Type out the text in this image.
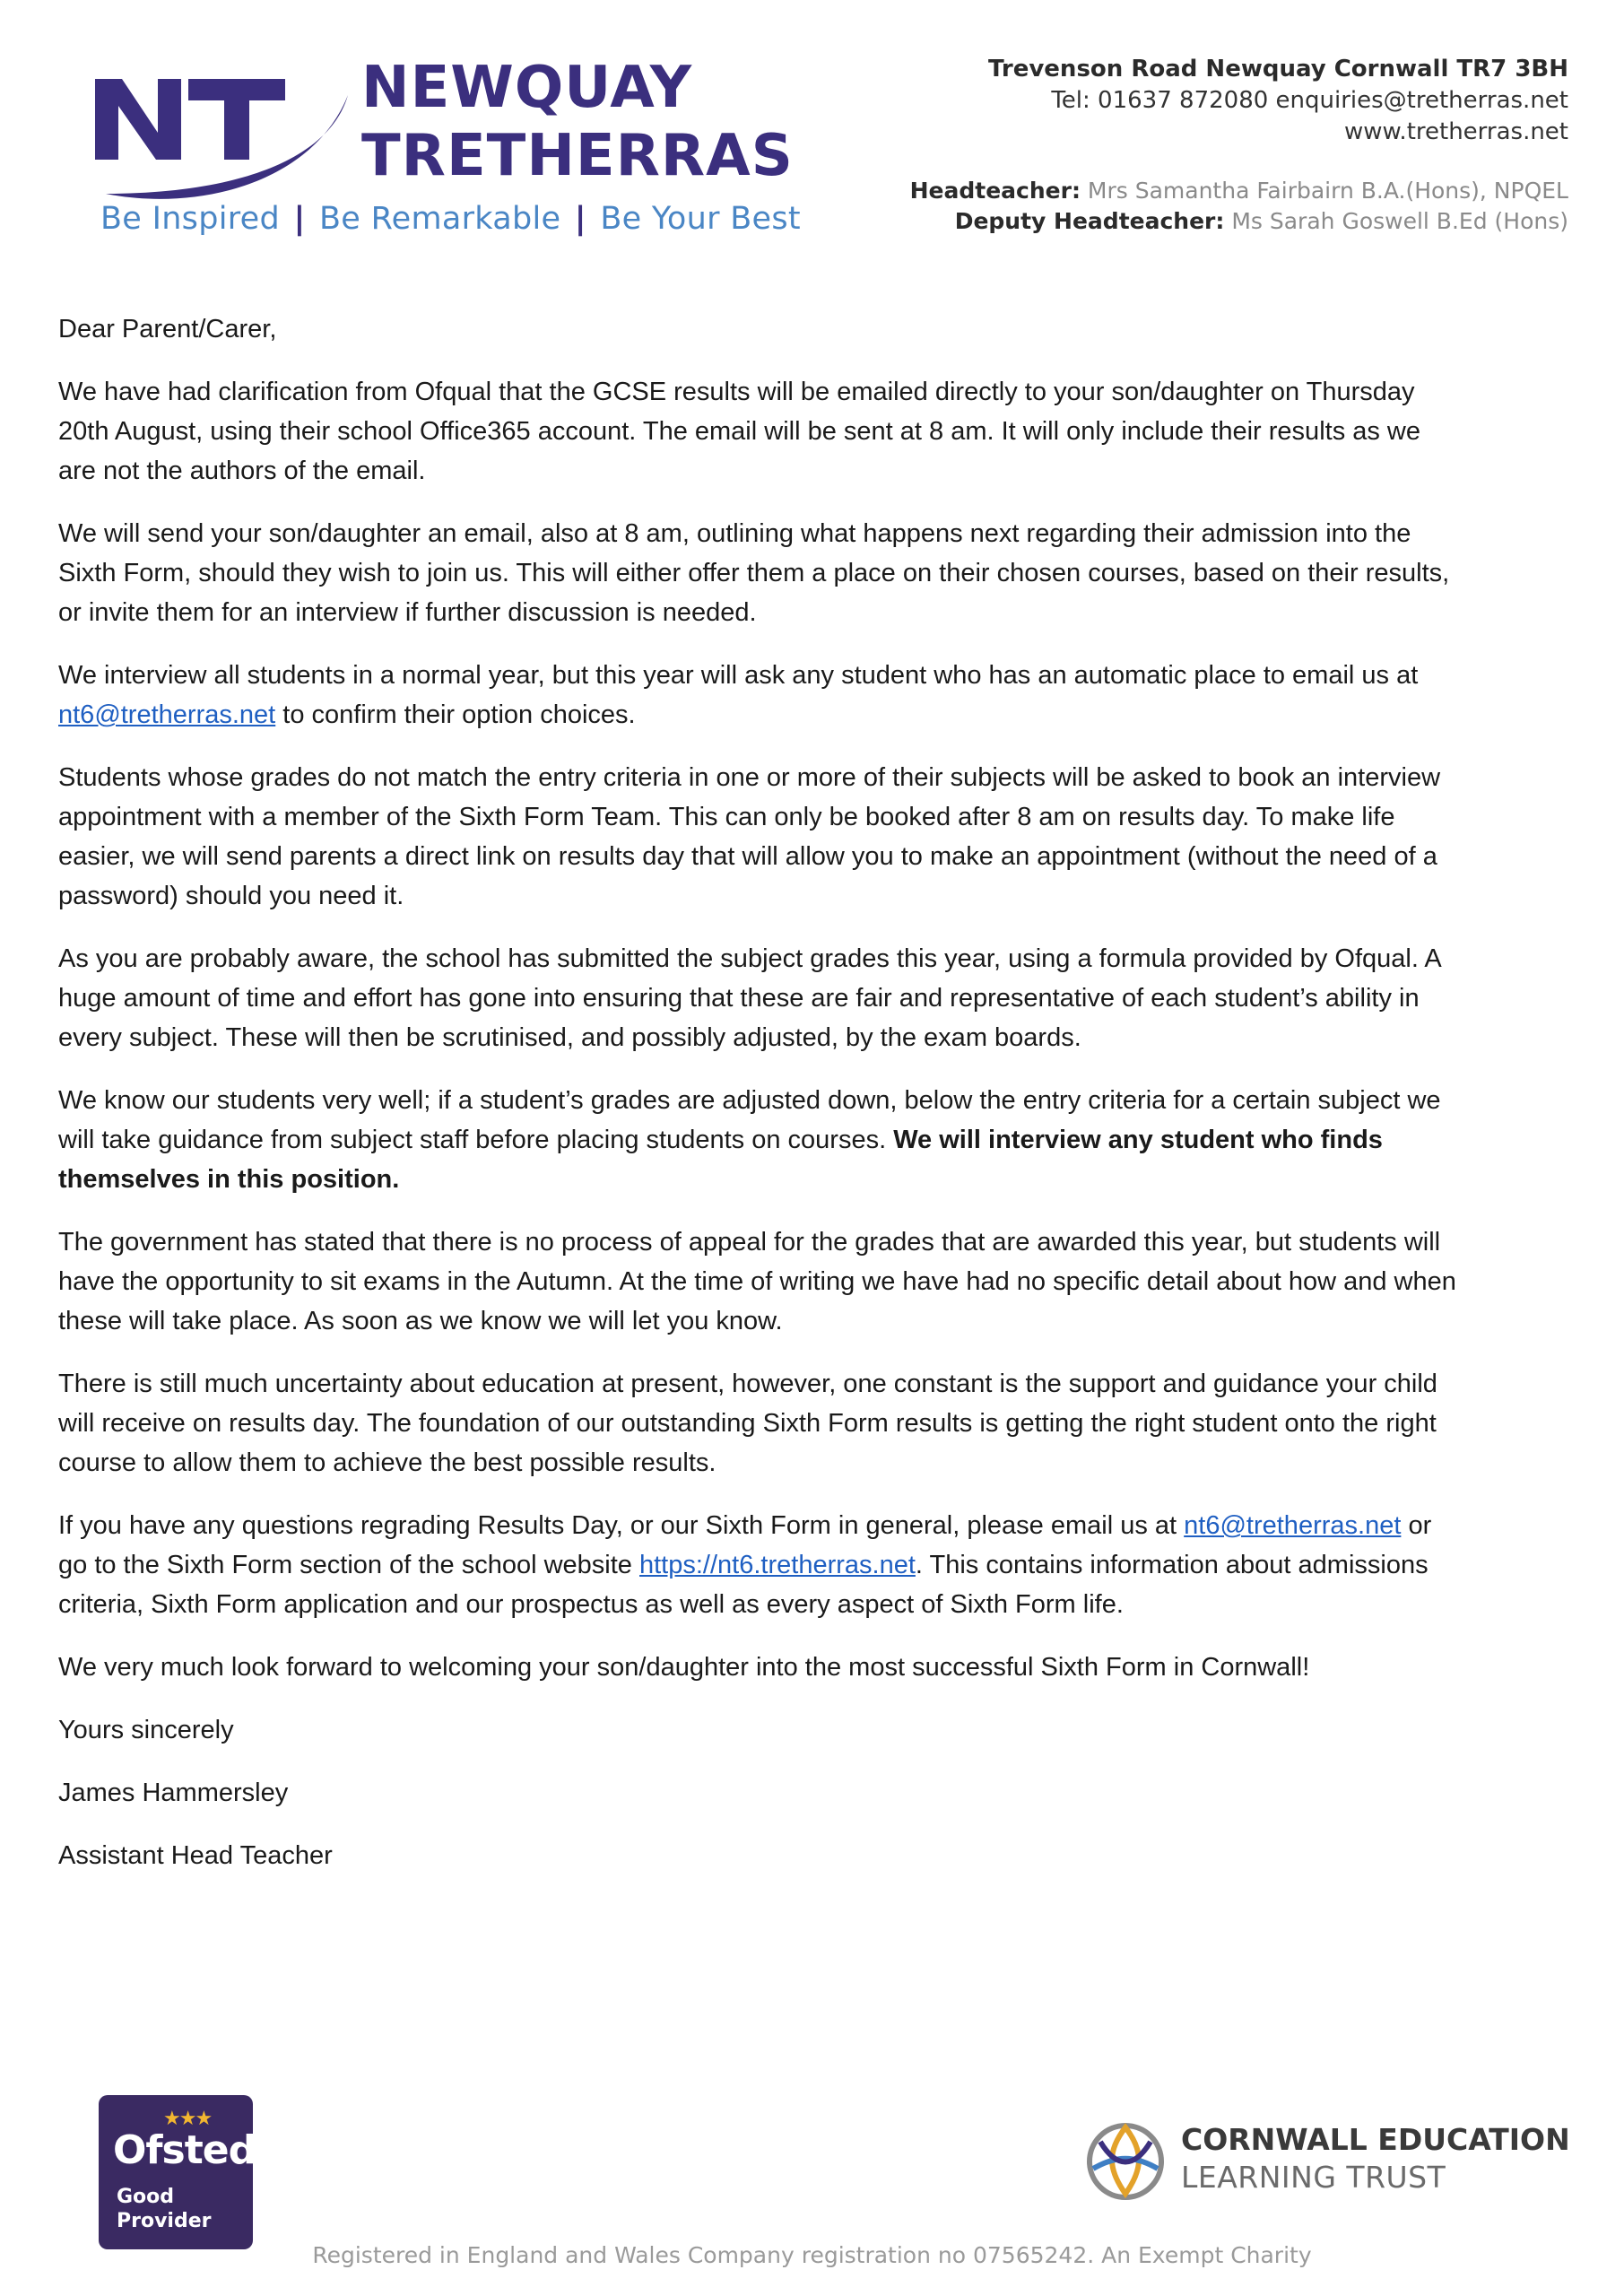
NEWQUAY
TRETHERRAS
Be Inspired | Be Remarkable | Be Your Best
Trevenson Road Newquay Cornwall TR7 3BH
Tel: 01637 872080 enquiries@tretherras.net
www.tretherras.net
Headteacher: Mrs Samantha Fairbairn B.A.(Hons), NPQEL
Deputy Headteacher: Ms Sarah Goswell B.Ed (Hons)

Dear Parent/Carer,

We have had clarification from Ofqual that the GCSE results will be emailed directly to your son/daughter on Thursday 20th August, using their school Office365 account. The email will be sent at 8 am. It will only include their results as we are not the authors of the email.

We will send your son/daughter an email, also at 8 am, outlining what happens next regarding their admission into the Sixth Form, should they wish to join us. This will either offer them a place on their chosen courses, based on their results, or invite them for an interview if further discussion is needed.

We interview all students in a normal year, but this year will ask any student who has an automatic place to email us at nt6@tretherras.net to confirm their option choices.

Students whose grades do not match the entry criteria in one or more of their subjects will be asked to book an interview appointment with a member of the Sixth Form Team. This can only be booked after 8 am on results day. To make life easier, we will send parents a direct link on results day that will allow you to make an appointment (without the need of a password) should you need it.

As you are probably aware, the school has submitted the subject grades this year, using a formula provided by Ofqual. A huge amount of time and effort has gone into ensuring that these are fair and representative of each student’s ability in every subject. These will then be scrutinised, and possibly adjusted, by the exam boards.

We know our students very well; if a student’s grades are adjusted down, below the entry criteria for a certain subject we will take guidance from subject staff before placing students on courses. We will interview any student who finds themselves in this position.

The government has stated that there is no process of appeal for the grades that are awarded this year, but students will have the opportunity to sit exams in the Autumn. At the time of writing we have had no specific detail about how and when these will take place. As soon as we know we will let you know.

There is still much uncertainty about education at present, however, one constant is the support and guidance your child will receive on results day. The foundation of our outstanding Sixth Form results is getting the right student onto the right course to allow them to achieve the best possible results.

If you have any questions regrading Results Day, or our Sixth Form in general, please email us at nt6@tretherras.net or go to the Sixth Form section of the school website https://nt6.tretherras.net. This contains information about admissions criteria, Sixth Form application and our prospectus as well as every aspect of Sixth Form life.

We very much look forward to welcoming your son/daughter into the most successful Sixth Form in Cornwall!

Yours sincerely

James Hammersley

Assistant Head Teacher

★★★
Ofsted
Good
Provider
CORNWALL EDUCATION
LEARNING TRUST
Registered in England and Wales Company registration no 07565242. An Exempt Charity
